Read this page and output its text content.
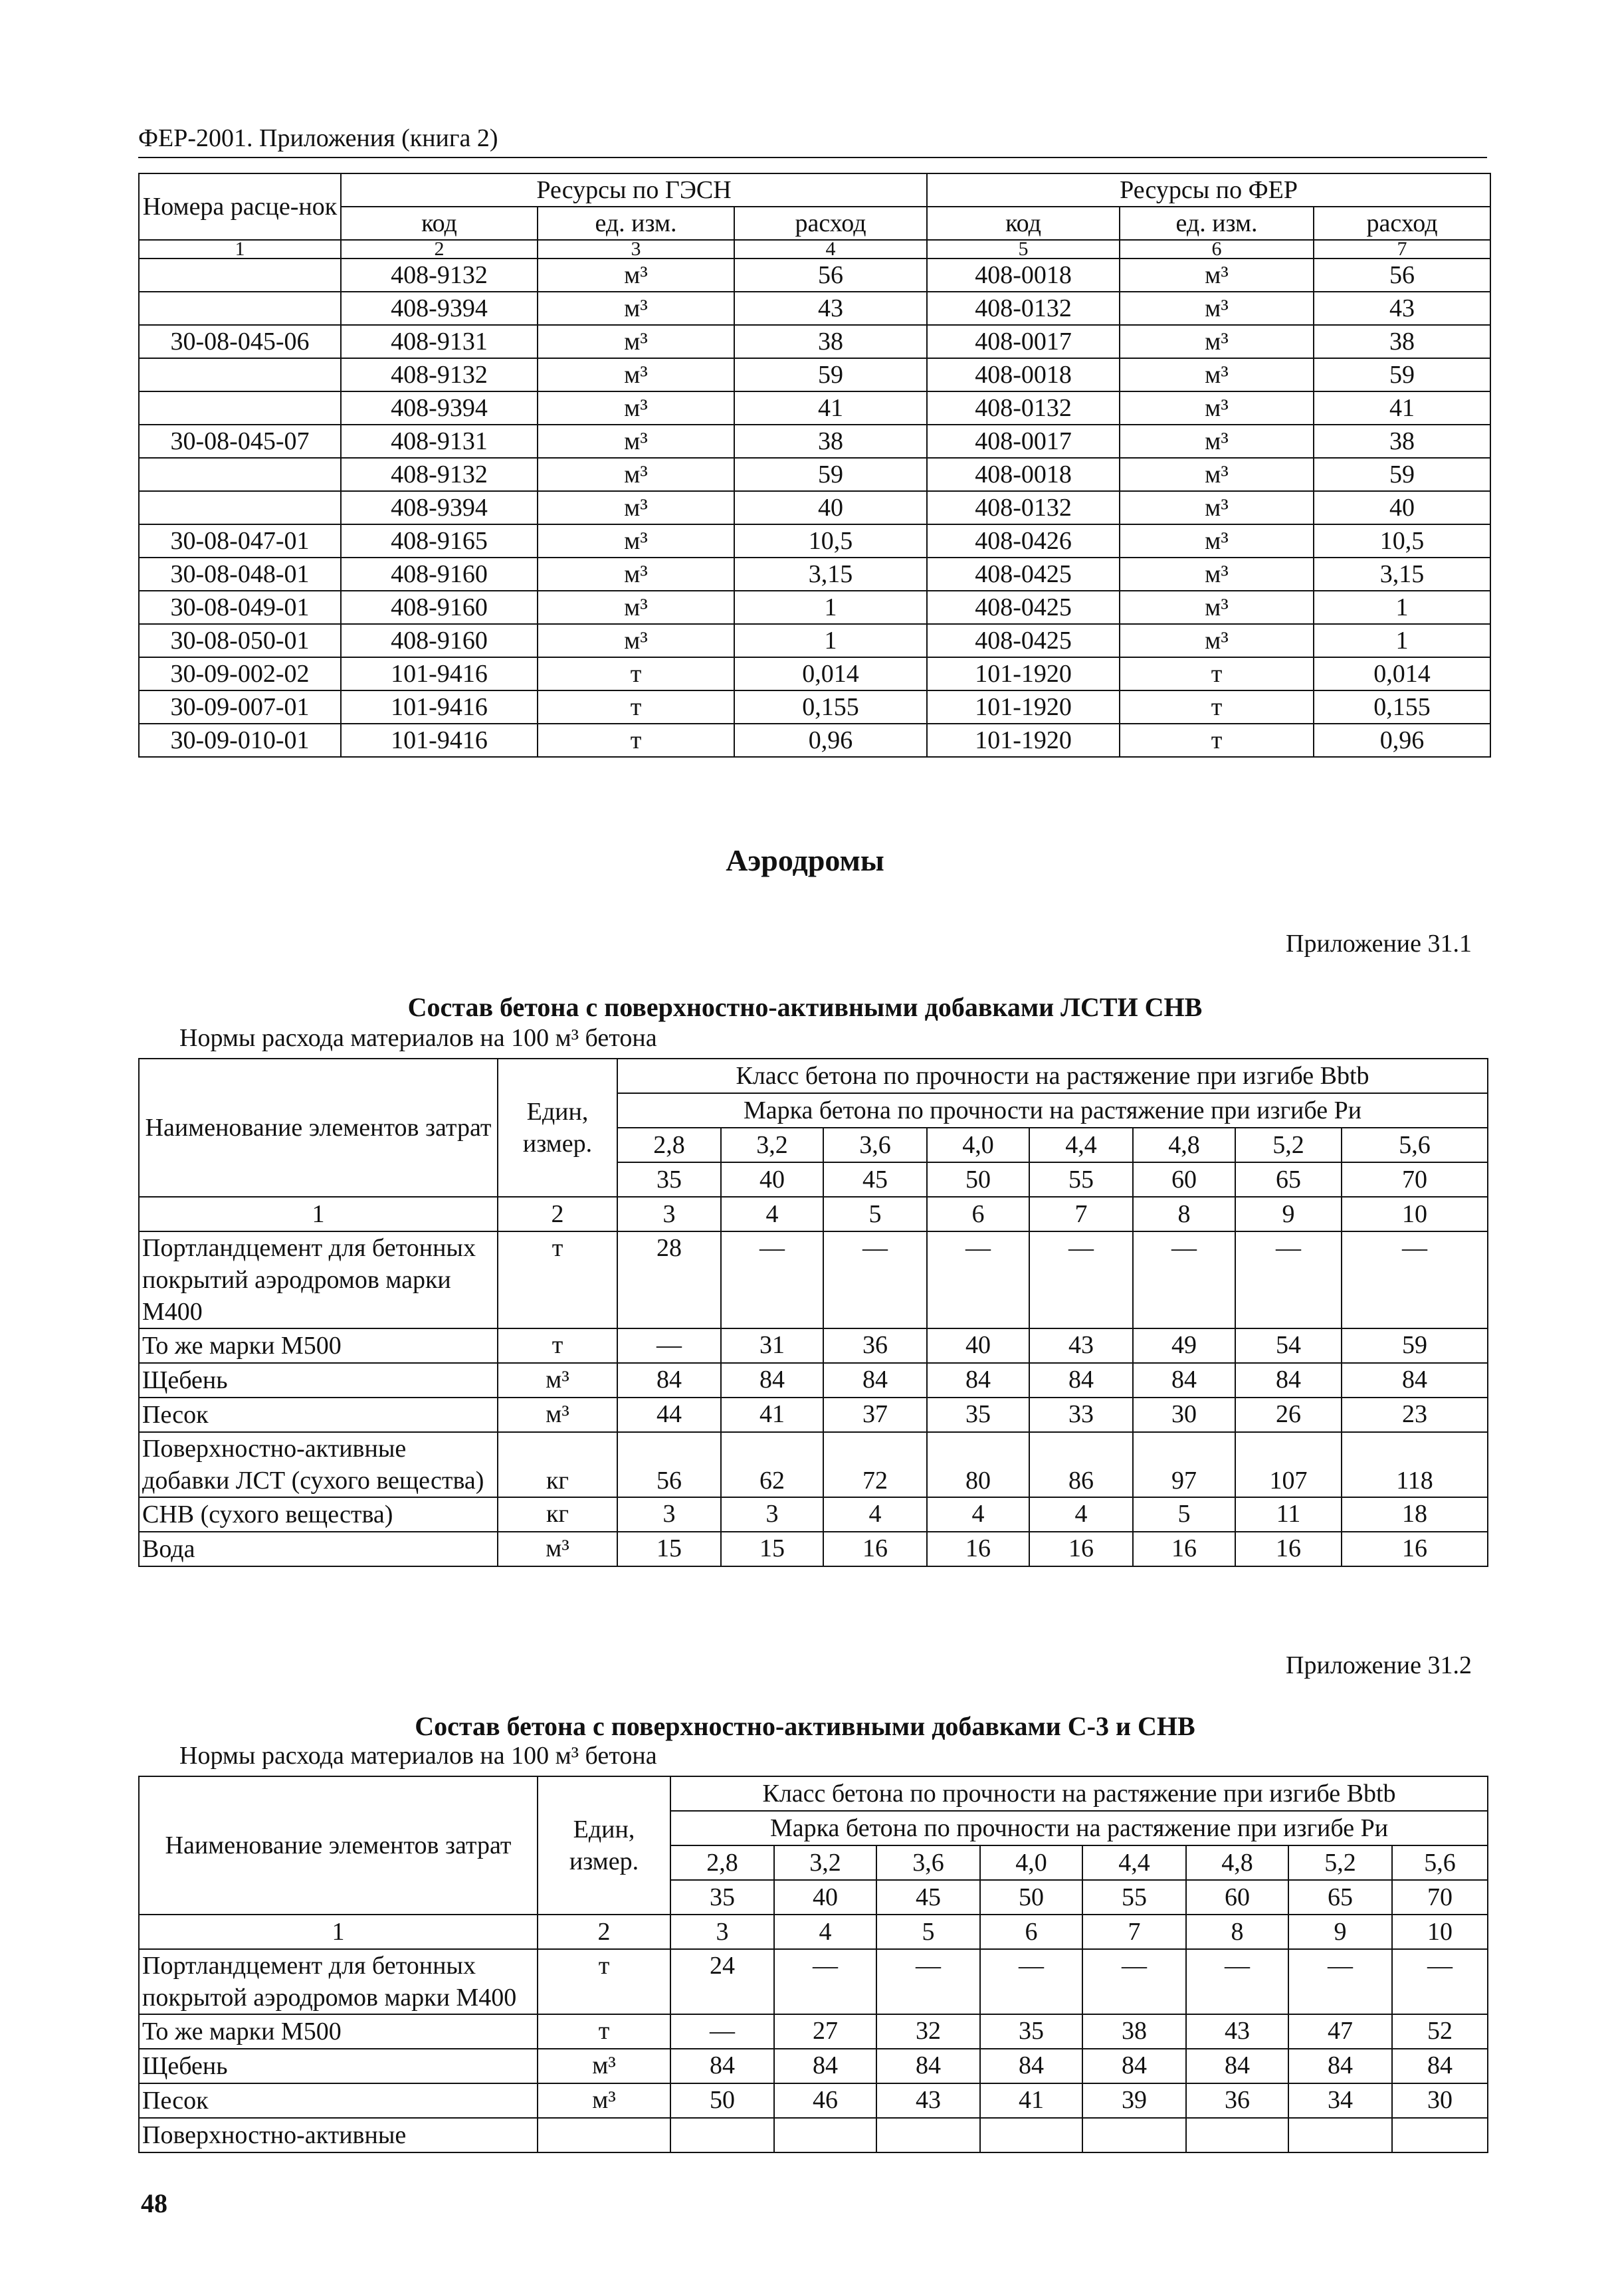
ФЕР-2001. Приложения (книга 2)
Номера расце-нок	Ресурсы по ГЭСН			Ресурсы по ФЕР		
	код	ед. изм.	расход	код	ед. изм.	расход
1	2	3	4	5	6	7
	408-9132	м³	56	408-0018	м³	56
	408-9394	м³	43	408-0132	м³	43
30-08-045-06	408-9131	м³	38	408-0017	м³	38
	408-9132	м³	59	408-0018	м³	59
	408-9394	м³	41	408-0132	м³	41
30-08-045-07	408-9131	м³	38	408-0017	м³	38
	408-9132	м³	59	408-0018	м³	59
	408-9394	м³	40	408-0132	м³	40
30-08-047-01	408-9165	м³	10,5	408-0426	м³	10,5
30-08-048-01	408-9160	м³	3,15	408-0425	м³	3,15
30-08-049-01	408-9160	м³	1	408-0425	м³	1
30-08-050-01	408-9160	м³	1	408-0425	м³	1
30-09-002-02	101-9416	т	0,014	101-1920	т	0,014
30-09-007-01	101-9416	т	0,155	101-1920	т	0,155
30-09-010-01	101-9416	т	0,96	101-1920	т	0,96
Аэродромы
Приложение 31.1
Состав бетона с поверхностно-активными добавками ЛСТИ СНВ
Нормы расхода материалов на 100 м³ бетона
Наименование элементов затрат	Един, измер.	Класс бетона по прочности на растяжение при изгибе Bbtb							
		Марка бетона по прочности на растяжение при изгибе Ри							
		2,8	3,2	3,6	4,0	4,4	4,8	5,2	5,6
		35	40	45	50	55	60	65	70
1	2	3	4	5	6	7	8	9	10
Портландцемент для бетонных покрытий аэродромов марки М400	т	28	—	—	—	—	—	—	—
То же марки М500	т	—	31	36	40	43	49	54	59
Щебень	м³	84	84	84	84	84	84	84	84
Песок	м³	44	41	37	35	33	30	26	23
Поверхностно-активные добавки ЛСТ (сухого вещества)	кг	56	62	72	80	86	97	107	118
СНВ (сухого вещества)	кг	3	3	4	4	4	5	11	18
Вода	м³	15	15	16	16	16	16	16	16
Приложение 31.2
Состав бетона с поверхностно-активными добавками С-3 и СНВ
Нормы расхода материалов на 100 м³ бетона
Наименование элементов затрат	Един, измер.	Класс бетона по прочности на растяжение при изгибе Bbtb							
		Марка бетона по прочности на растяжение при изгибе Ри							
		2,8	3,2	3,6	4,0	4,4	4,8	5,2	5,6
		35	40	45	50	55	60	65	70
1	2	3	4	5	6	7	8	9	10
Портландцемент для бетонных покрытой аэродромов марки М400	т	24	—	—	—	—	—	—	—
То же марки М500	т	—	27	32	35	38	43	47	52
Щебень	м³	84	84	84	84	84	84	84	84
Песок	м³	50	46	43	41	39	36	34	30
Поверхностно-активные									
48
